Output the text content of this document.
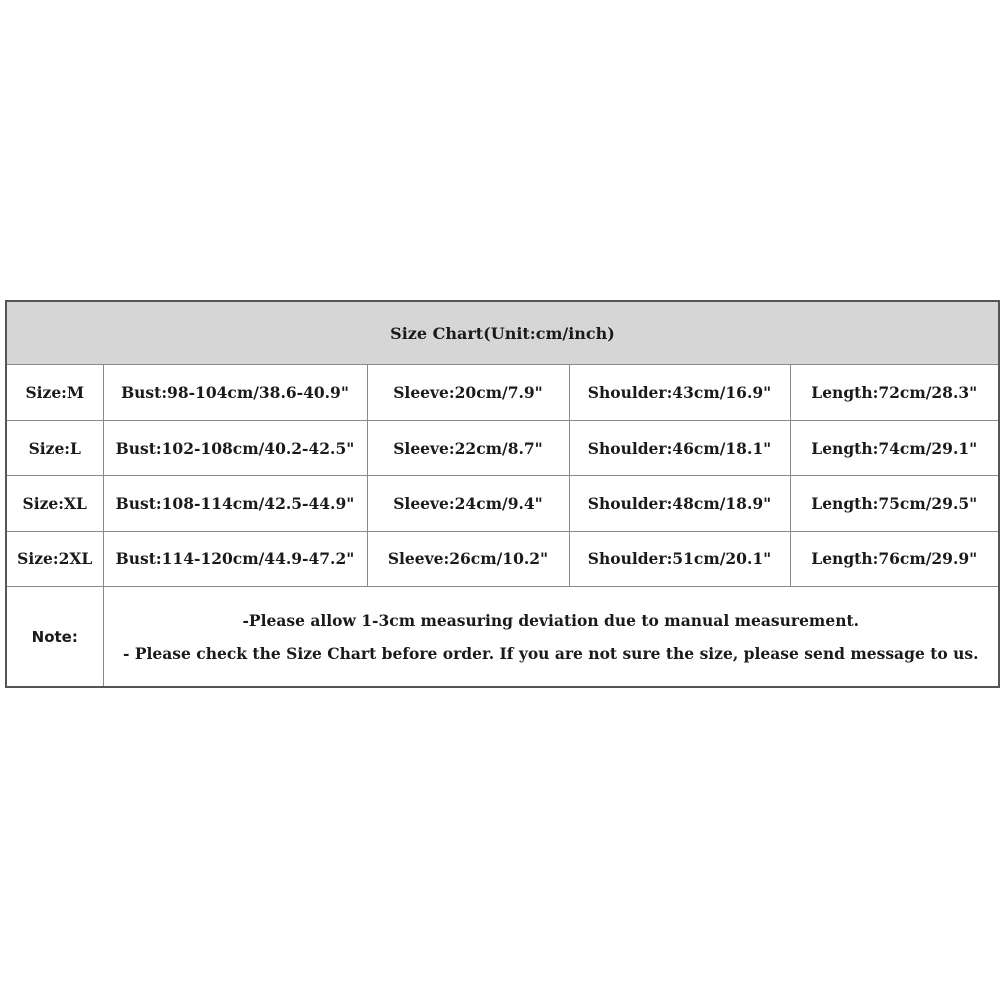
Size Chart(Unit:cm/inch)				
Size:M	Bust:98-104cm/38.6-40.9"	Sleeve:20cm/7.9"	Shoulder:43cm/16.9"	Length:72cm/28.3"
Size:L	Bust:102-108cm/40.2-42.5"	Sleeve:22cm/8.7"	Shoulder:46cm/18.1"	Length:74cm/29.1"
Size:XL	Bust:108-114cm/42.5-44.9"	Sleeve:24cm/9.4"	Shoulder:48cm/18.9"	Length:75cm/29.5"
Size:2XL	Bust:114-120cm/44.9-47.2"	Sleeve:26cm/10.2"	Shoulder:51cm/20.1"	Length:76cm/29.9"
Note:	-Please allow 1-3cm measuring deviation due to manual measurement.
- Please check the Size Chart before order. If you are not sure the size, please send message to us.			
